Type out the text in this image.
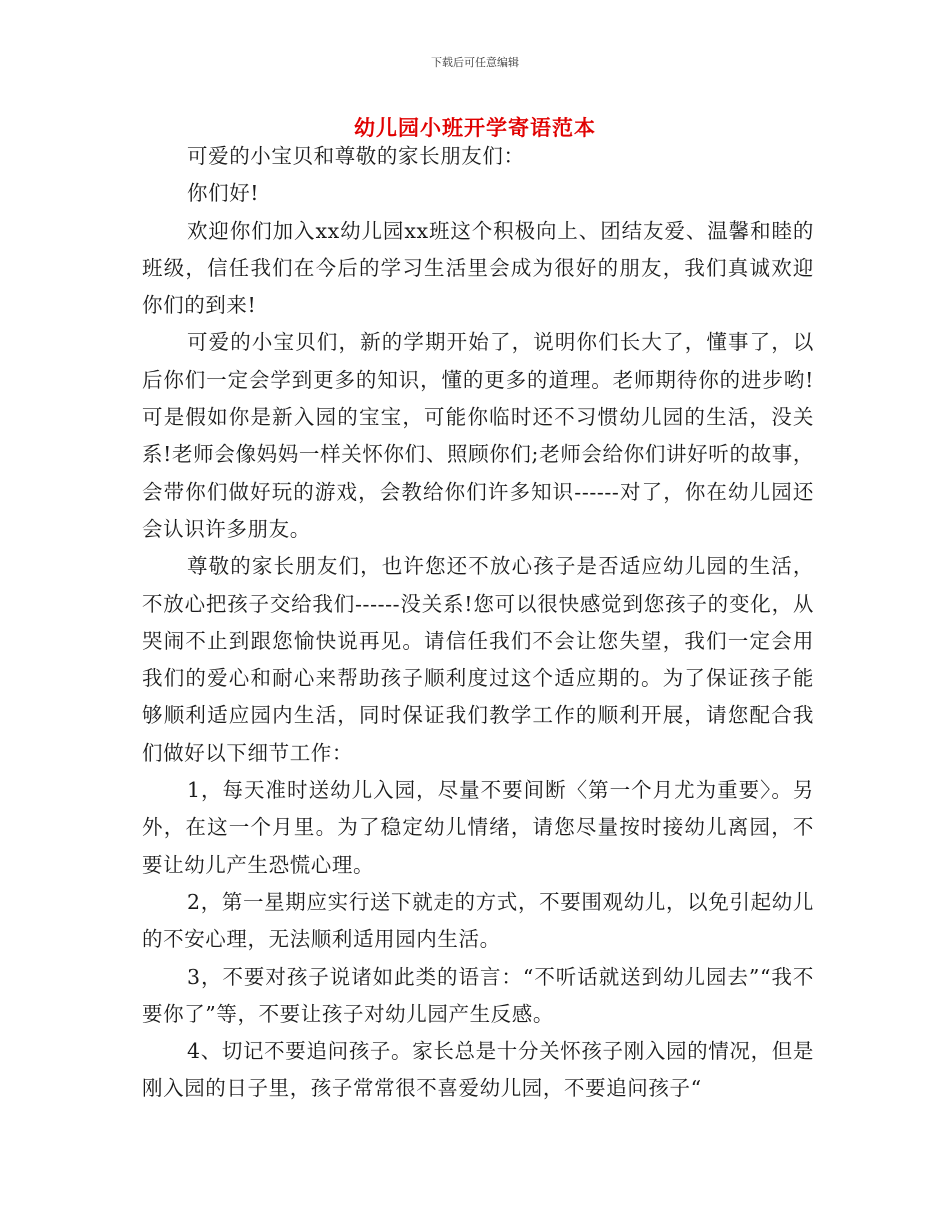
下载后可任意编辑
幼儿园小班开学寄语范本

可爱的小宝贝和尊敬的家长朋友们：

你们好!

欢迎你们加入xx幼儿园xx班这个积极向上、团结友爱、温馨和睦的班级，信任我们在今后的学习生活里会成为很好的朋友，我们真诚欢迎你们的到来!

可爱的小宝贝们，新的学期开始了，说明你们长大了，懂事了，以后你们一定会学到更多的知识，懂的更多的道理。老师期待你的进步哟!可是假如你是新入园的宝宝，可能你临时还不习惯幼儿园的生活，没关系!老师会像妈妈一样关怀你们、照顾你们;老师会给你们讲好听的故事，会带你们做好玩的游戏，会教给你们许多知识------对了，你在幼儿园还会认识许多朋友。

尊敬的家长朋友们，也许您还不放心孩子是否适应幼儿园的生活，不放心把孩子交给我们------没关系!您可以很快感觉到您孩子的变化，从哭闹不止到跟您愉快说再见。请信任我们不会让您失望，我们一定会用我们的爱心和耐心来帮助孩子顺利度过这个适应期的。为了保证孩子能够顺利适应园内生活，同时保证我们教学工作的顺利开展，请您配合我们做好以下细节工作：

1，每天准时送幼儿入园，尽量不要间断〈第一个月尤为重要〉。另外，在这一个月里。为了稳定幼儿情绪，请您尽量按时接幼儿离园，不要让幼儿产生恐慌心理。

2，第一星期应实行送下就走的方式，不要围观幼儿，以免引起幼儿的不安心理，无法顺利适用园内生活。

3，不要对孩子说诸如此类的语言：“不听话就送到幼儿园去”“我不要你了”等，不要让孩子对幼儿园产生反感。

4、切记不要追问孩子。家长总是十分关怀孩子刚入园的情况，但是刚入园的日子里，孩子常常很不喜爱幼儿园，不要追问孩子“
